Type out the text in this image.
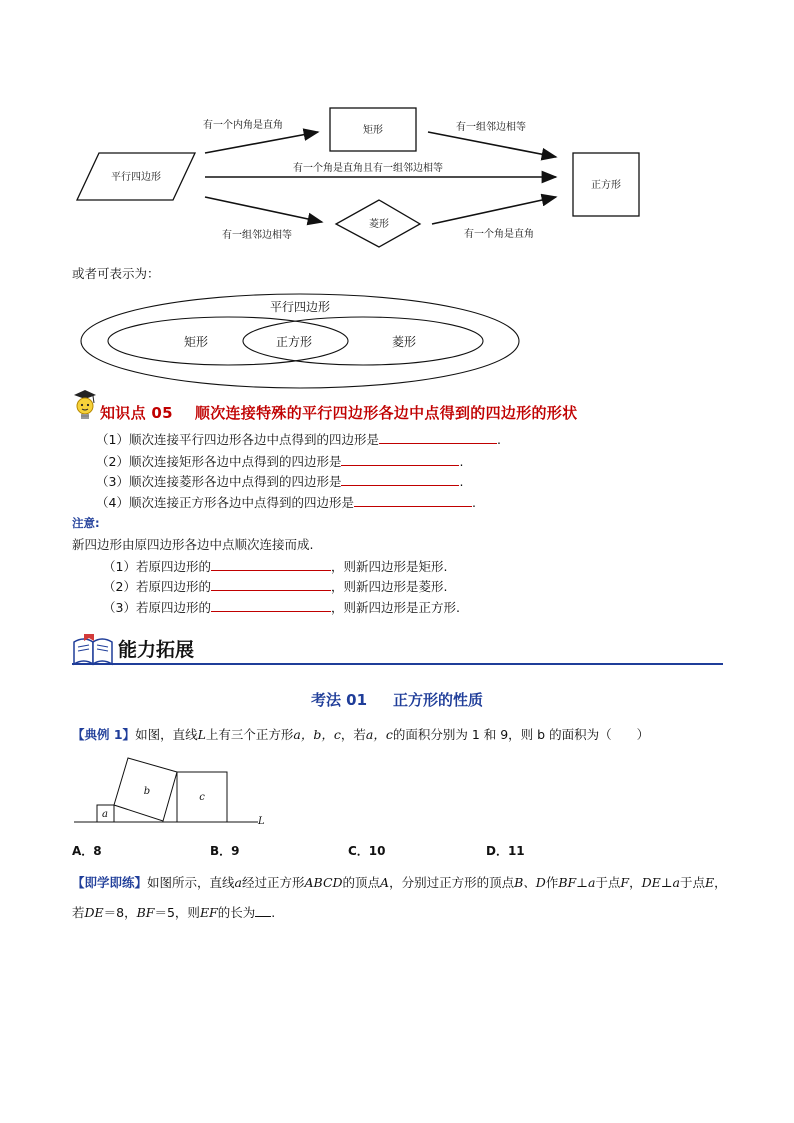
平行四边形
矩形
菱形
正方形
有一个内角是直角	有一组邻边相等
有一个角是直角且有一组邻边相等
有一组邻边相等	有一个角是直角
或者可表示为：
平行四边形
矩形	正方形	菱形
知识点 05 顺次连接特殊的平行四边形各边中点得到的四边形的形状
（1）顺次连接平行四边形各边中点得到的四边形是	.
（2）顺次连接矩形各边中点得到的四边形是	.
（3）顺次连接菱形各边中点得到的四边形是	.
（4）顺次连接正方形各边中点得到的四边形是	.
注意:
新四边形由原四边形各边中点顺次连接而成.
（1）若原四边形的	，则新四边形是矩形.
（2）若原四边形的	，则新四边形是菱形.
（3）若原四边形的	，则新四边形是正方形.
能力拓展
考法 01 正方形的性质
【典例 1】如图，直线L上有三个正方形a，b，c，若a，c的面积分别为 1 和 9，则 b 的面积为（　　）
a
b
c
L
A．8	B．9	C．10	D．11
【即学即练】如图所示，直线a经过正方形ABCD的顶点A，分别过正方形的顶点B、D作BF⊥a于点F，DE⊥a于点E，若DE＝8，BF＝5，则EF的长为 .
